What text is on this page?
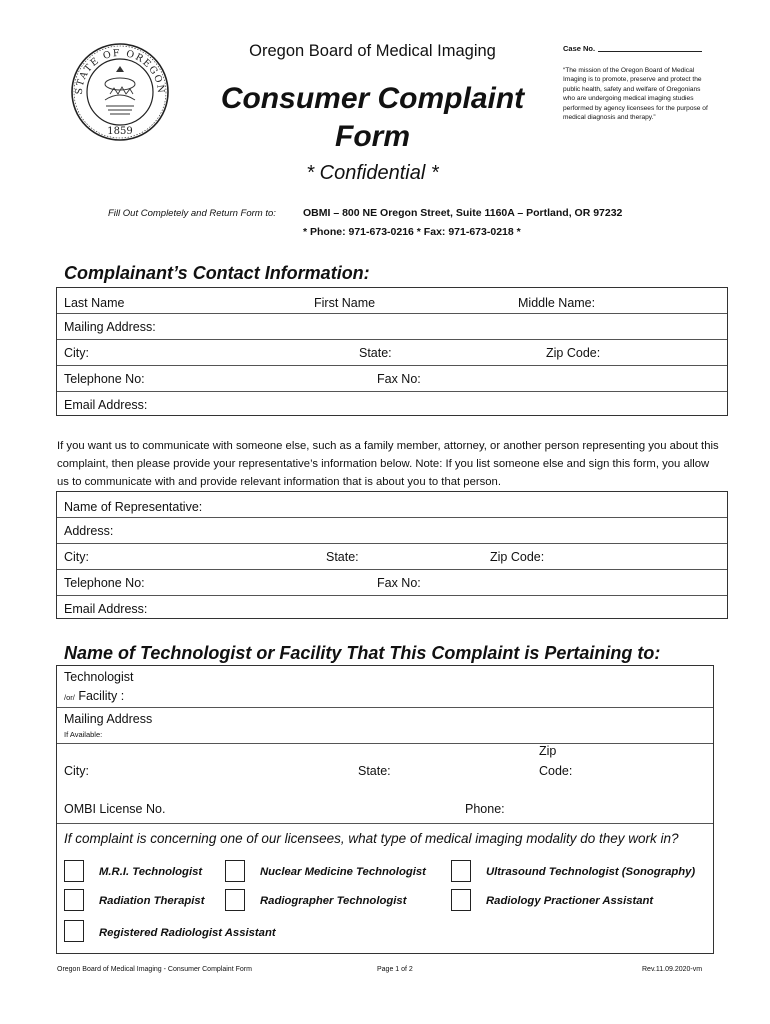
STATE OF OREGON
1859
Oregon Board of Medical Imaging
Consumer Complaint
Form
* Confidential *
Case No.
“The mission of the Oregon Board of Medical Imaging is to promote, preserve and protect the public health, safety and welfare of Oregonians who are undergoing medical imaging studies performed by agency licensees for the purpose of medical diagnosis and therapy.”
Fill Out Completely and Return Form to:	OBMI – 800 NE Oregon Street, Suite 1160A – Portland, OR 97232
* Phone: 971-673-0216 * Fax: 971-673-0218 *
Complainant’s Contact Information:
Last Name	First Name	Middle Name:
Mailing Address:
City:	State:	Zip Code:
Telephone No:	Fax No:
Email Address:
If you want us to communicate with someone else, such as a family member, attorney, or another person representing you about this complaint, then please provide your representative’s information below. Note: If you list someone else and sign this form, you allow us to communicate with and provide relevant information that is about you to that person.
Name of Representative:
Address:
City:	State:	Zip Code:
Telephone No:	Fax No:
Email Address:
Name of Technologist or Facility That This Complaint is Pertaining to:
Technologist
/or/ Facility :
Mailing Address
If Available:
City:	State:
Zip
Code:
OMBI License No.	Phone:
If complaint is concerning one of our licensees, what type of medical imaging modality do they work in?
M.R.I. Technologist	Nuclear Medicine Technologist	Ultrasound Technologist (Sonography)
Radiation Therapist	Radiographer Technologist	Radiology Practioner Assistant
Registered Radiologist Assistant
Oregon Board of Medical Imaging - Consumer Complaint Form	Page 1 of 2	Rev.11.09.2020-vm
